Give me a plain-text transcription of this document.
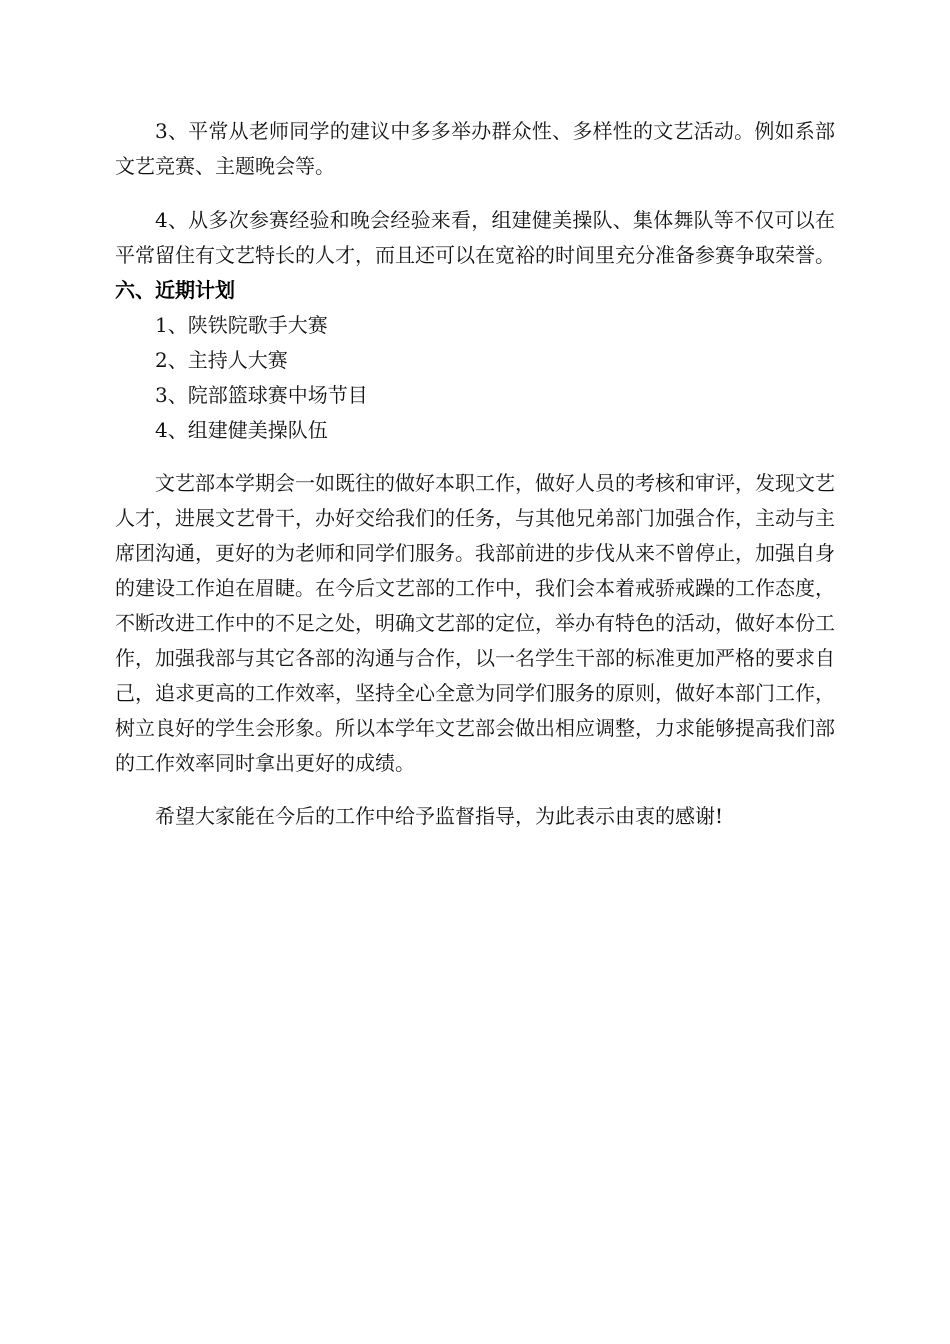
3、平常从老师同学的建议中多多举办群众性、多样性的文艺活动。例如系部文艺竞赛、主题晚会等。

4、从多次参赛经验和晚会经验来看，组建健美操队、集体舞队等不仅可以在平常留住有文艺特长的人才，而且还可以在宽裕的时间里充分准备参赛争取荣誉。

六、近期计划

1、陕铁院歌手大赛

2、主持人大赛

3、院部篮球赛中场节目

4、组建健美操队伍

文艺部本学期会一如既往的做好本职工作，做好人员的考核和审评，发现文艺人才，进展文艺骨干，办好交给我们的任务，与其他兄弟部门加强合作，主动与主席团沟通，更好的为老师和同学们服务。我部前进的步伐从来不曾停止，加强自身的建设工作迫在眉睫。在今后文艺部的工作中，我们会本着戒骄戒躁的工作态度，不断改进工作中的不足之处，明确文艺部的定位，举办有特色的活动，做好本份工作，加强我部与其它各部的沟通与合作，以一名学生干部的标准更加严格的要求自己，追求更高的工作效率，坚持全心全意为同学们服务的原则，做好本部门工作，树立良好的学生会形象。所以本学年文艺部会做出相应调整，力求能够提高我们部的工作效率同时拿出更好的成绩。

希望大家能在今后的工作中给予监督指导，为此表示由衷的感谢!
